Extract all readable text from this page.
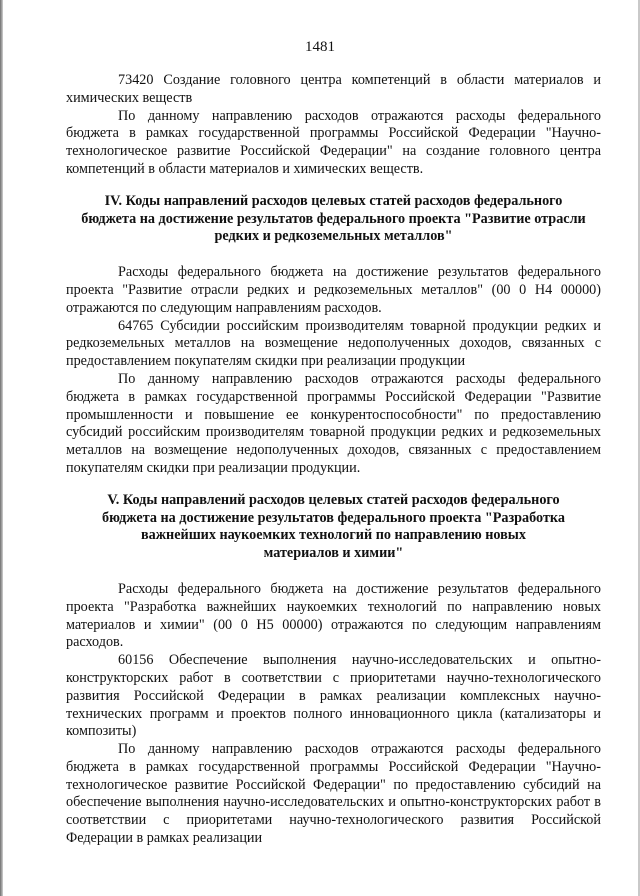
1481

73420 Создание головного центра компетенций в области материалов и химических веществ

По данному направлению расходов отражаются расходы федерального бюджета в рамках государственной программы Российской Федерации "Научно-технологическое развитие Российской Федерации" на создание головного центра компетенций в области материалов и химических веществ.

IV. Коды направлений расходов целевых статей расходов федерального
бюджета на достижение результатов федерального проекта "Развитие отрасли
редких и редкоземельных металлов"

Расходы федерального бюджета на достижение результатов федерального проекта "Развитие отрасли редких и редкоземельных металлов" (00 0 Н4 00000) отражаются по следующим направлениям расходов.

64765 Субсидии российским производителям товарной продукции редких и редкоземельных металлов на возмещение недополученных доходов, связанных с предоставлением покупателям скидки при реализации продукции

По данному направлению расходов отражаются расходы федерального бюджета в рамках государственной программы Российской Федерации "Развитие промышленности и повышение ее конкурентоспособности" по предоставлению субсидий российским производителям товарной продукции редких и редкоземельных металлов на возмещение недополученных доходов, связанных с предоставлением покупателям скидки при реализации продукции.

V. Коды направлений расходов целевых статей расходов федерального
бюджета на достижение результатов федерального проекта "Разработка
важнейших наукоемких технологий по направлению новых
материалов и химии"

Расходы федерального бюджета на достижение результатов федерального проекта "Разработка важнейших наукоемких технологий по направлению новых материалов и химии" (00 0 Н5 00000) отражаются по следующим направлениям расходов.

60156 Обеспечение выполнения научно-исследовательских и опытно-конструкторских работ в соответствии с приоритетами научно-технологического развития Российской Федерации в рамках реализации комплексных научно-технических программ и проектов полного инновационного цикла (катализаторы и композиты)

По данному направлению расходов отражаются расходы федерального бюджета в рамках государственной программы Российской Федерации "Научно-технологическое развитие Российской Федерации" по предоставлению субсидий на обеспечение выполнения научно-исследовательских и опытно-конструкторских работ в соответствии с приоритетами научно-технологического развития Российской Федерации в рамках реализации
